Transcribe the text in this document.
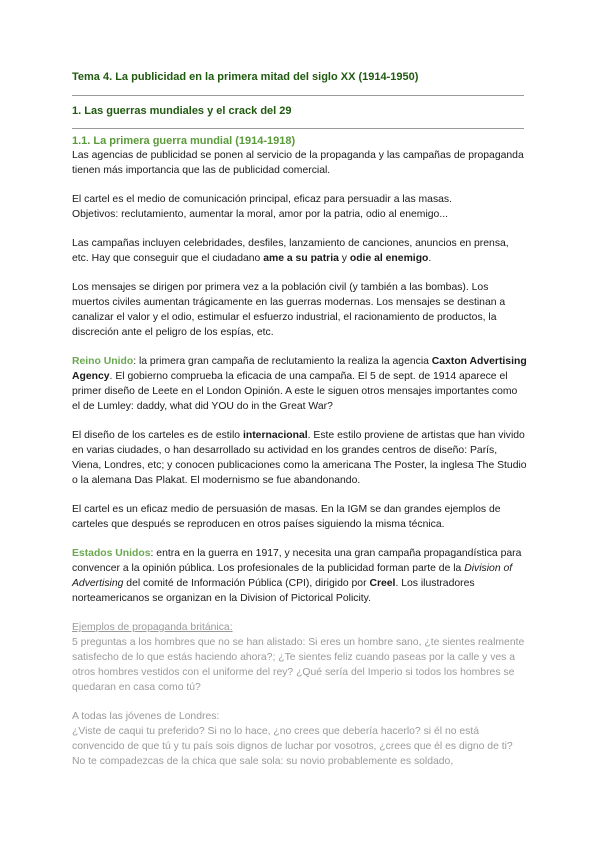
Tema 4. La publicidad en la primera mitad del siglo XX (1914-1950)
1. Las guerras mundiales y el crack del 29
1.1. La primera guerra mundial (1914-1918)

Las agencias de publicidad se ponen al servicio de la propaganda y las campañas de propaganda tienen más importancia que las de publicidad comercial.

El cartel es el medio de comunicación principal, eficaz para persuadir a las masas.
Objetivos: reclutamiento, aumentar la moral, amor por la patria, odio al enemigo...

Las campañas incluyen celebridades, desfiles, lanzamiento de canciones, anuncios en prensa, etc. Hay que conseguir que el ciudadano ame a su patria y odie al enemigo.

Los mensajes se dirigen por primera vez a la población civil (y también a las bombas). Los muertos civiles aumentan trágicamente en las guerras modernas. Los mensajes se destinan a canalizar el valor y el odio, estimular el esfuerzo industrial, el racionamiento de productos, la discreción ante el peligro de los espías, etc.

Reino Unido: la primera gran campaña de reclutamiento la realiza la agencia Caxton Advertising Agency. El gobierno comprueba la eficacia de una campaña. El 5 de sept. de 1914 aparece el primer diseño de Leete en el London Opinión. A este le siguen otros mensajes importantes como el de Lumley: daddy, what did YOU do in the Great War?

El diseño de los carteles es de estilo internacional. Este estilo proviene de artistas que han vivido en varias ciudades, o han desarrollado su actividad en los grandes centros de diseño: París, Viena, Londres, etc; y conocen publicaciones como la americana The Poster, la inglesa The Studio o la alemana Das Plakat. El modernismo se fue abandonando.

El cartel es un eficaz medio de persuasión de masas. En la IGM se dan grandes ejemplos de carteles que después se reproducen en otros países siguiendo la misma técnica.

Estados Unidos: entra en la guerra en 1917, y necesita una gran campaña propagandística para convencer a la opinión pública. Los profesionales de la publicidad forman parte de la Division of Advertising del comité de Información Pública (CPI), dirigido por Creel. Los ilustradores norteamericanos se organizan en la Division of Pictorical Policity.

Ejemplos de propaganda británica:
5 preguntas a los hombres que no se han alistado: Si eres un hombre sano, ¿te sientes realmente satisfecho de lo que estás haciendo ahora?; ¿Te sientes feliz cuando paseas por la calle y ves a otros hombres vestidos con el uniforme del rey? ¿Qué sería del Imperio si todos los hombres se quedaran en casa como tú?

A todas las jóvenes de Londres:
¿Viste de caqui tu preferido? Si no lo hace, ¿no crees que debería hacerlo? si él no está convencido de que tú y tu país sois dignos de luchar por vosotros, ¿crees que él es digno de ti? No te compadezcas de la chica que sale sola: su novio probablemente es soldado,
